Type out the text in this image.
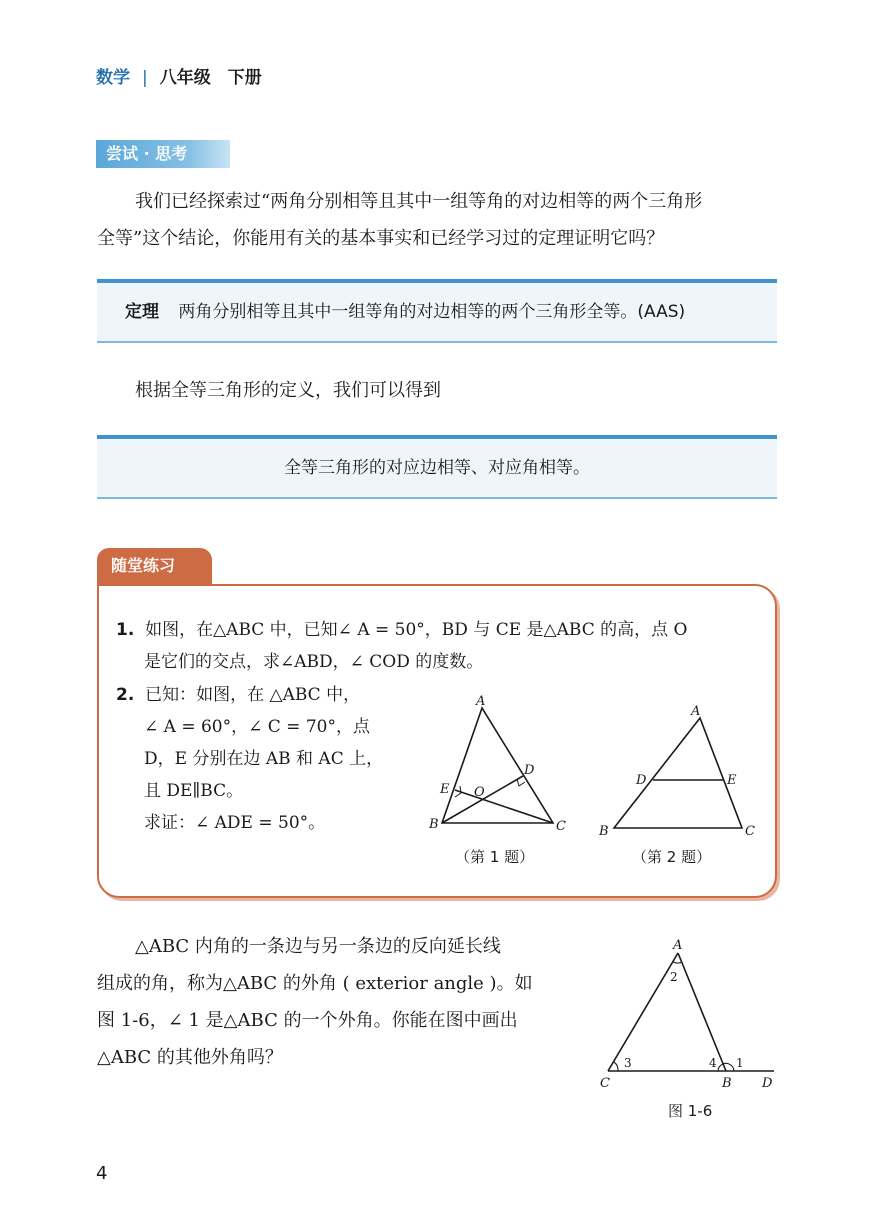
数学 | 八年级　下册
尝试 · 思考
我们已经探索过“两角分别相等且其中一组等角的对边相等的两个三角形
全等”这个结论，你能用有关的基本事实和已经学习过的定理证明它吗？
定理 两角分别相等且其中一组等角的对边相等的两个三角形全等。(AAS)
根据全等三角形的定义，我们可以得到
全等三角形的对应边相等、对应角相等。
随堂练习
1. 如图，在△ABC 中，已知∠ A = 50°，BD 与 CE 是△ABC 的高，点 O
是它们的交点，求∠ABD，∠ COD 的度数。
2. 已知：如图，在 △ABC 中，
∠ A = 60°，∠ C = 70°，点
D，E 分别在边 AB 和 AC 上，
且 DE∥BC。
求证：∠ ADE = 50°。
A
B	C
D
E O
（第 1 题）
A
B	C
D	E
（第 2 题）
△ABC 内角的一条边与另一条边的反向延长线
组成的角，称为△ABC 的外角 ( exterior angle )。如
图 1-6，∠ 1 是△ABC 的一个外角。你能在图中画出
△ABC 的其他外角吗？
A
B
C	D
1
2
3	4
图 1-6
4
